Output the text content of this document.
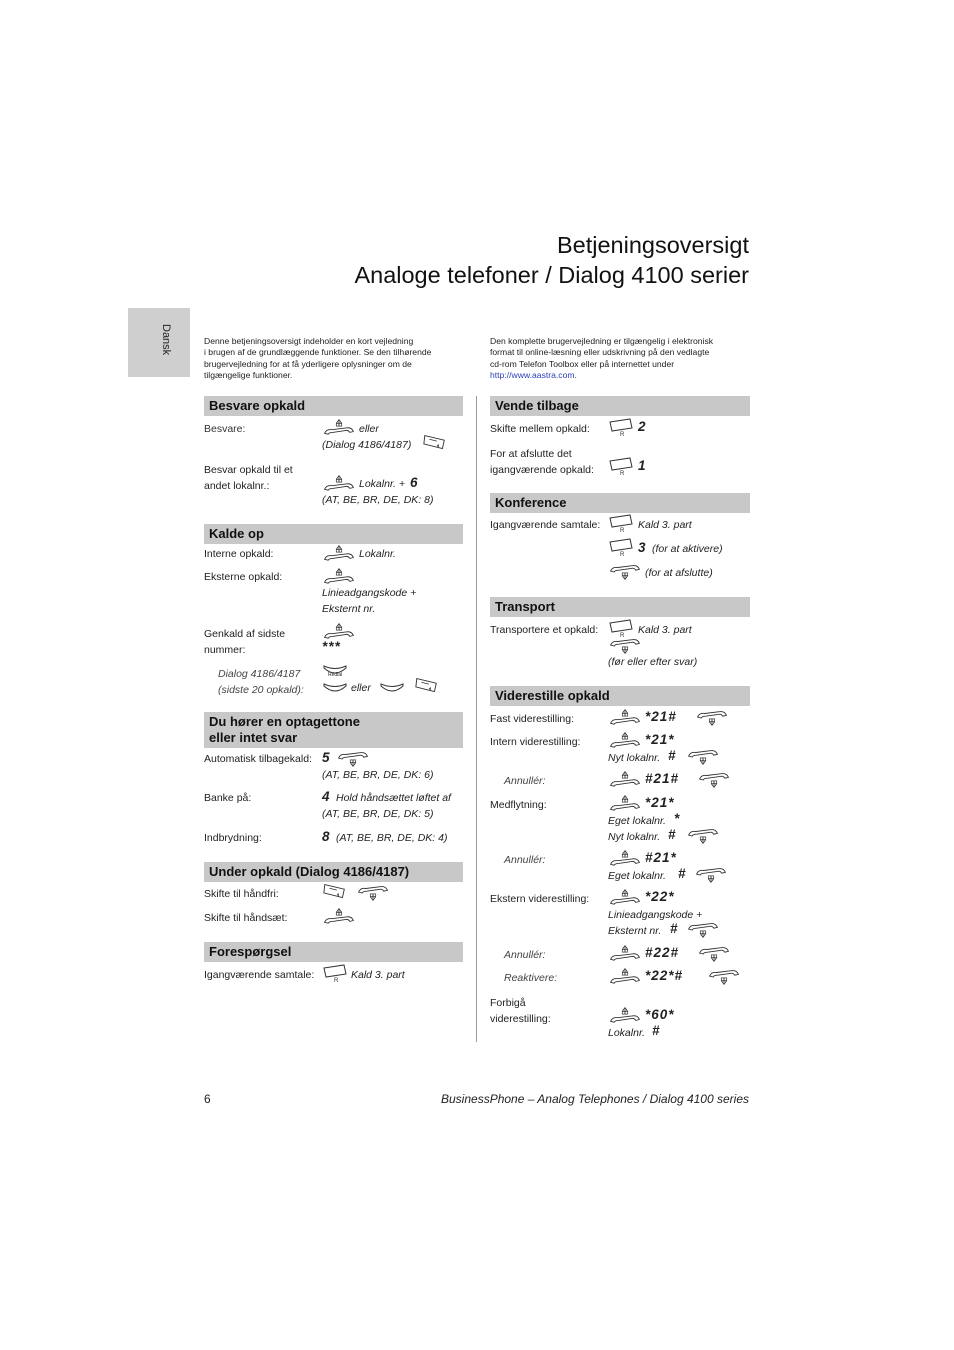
Betjeningsoversigt
Analoge telefoner / Dialog 4100 serier
Dansk	Denne betjeningsoversigt indeholder en kort vejledning
i brugen af de grundlæggende funktioner. Se den tilhørende
brugervejledning for at få yderligere oplysninger om de
tilgængelige funktioner.
Den komplette brugervejledning er tilgængelig i elektronisk
format til online-læsning eller udskrivning på den vedlagte
cd-rom Telefon Toolbox eller på internettet under
http://www.aastra.com.
Besvare opkald
Besvare:	eller
(Dialog 4186/4187)
Besvar opkald til et
andet lokalnr.:	Lokalnr. + 6
(AT, BE, BR, DE, DK: 8)
Kalde op
Interne opkald:	Lokalnr.
Eksterne opkald:
Linieadgangskode +
Eksternt nr.
Genkald af sidste
nummer:	***
Dialog 4186/4187
(sidste 20 opkald):
Redial
eller
Du hører en optagettone
eller intet svar
Automatisk tilbagekald: 5
(AT, BE, BR, DE, DK: 6)
Banke på:	4 Hold håndsættet løftet af
(AT, BE, BR, DE, DK: 5)
Indbrydning:	8 (AT, BE, BR, DE, DK: 4)
Under opkald (Dialog 4186/4187)
Skifte til håndfri:
Skifte til håndsæt:
Forespørgsel
Igangværende samtale:	Kald 3. part
Vende tilbage
Skifte mellem opkald:	2
For at afslutte det
igangværende opkald:	1
Konference
Igangværende samtale:	Kald 3. part
3 (for at aktivere)
(for at afslutte)
Transport
Transportere et opkald:	Kald 3. part
(før eller efter svar)
Viderestille opkald
Fast viderestilling:	*21#
Intern viderestilling:	*21*
Nyt lokalnr. #
Annullér:	#21#
Medflytning:	*21*
Eget lokalnr. *
Nyt lokalnr. #
Annullér:	#21*
Eget lokalnr. #
Ekstern viderestilling:	*22*
Linieadgangskode +
Eksternt nr. #
Annullér:	#22#
Reaktivere:	*22*#
Forbigå
viderestilling:	*60*
Lokalnr. #
6	BusinessPhone – Analog Telephones / Dialog 4100 series
